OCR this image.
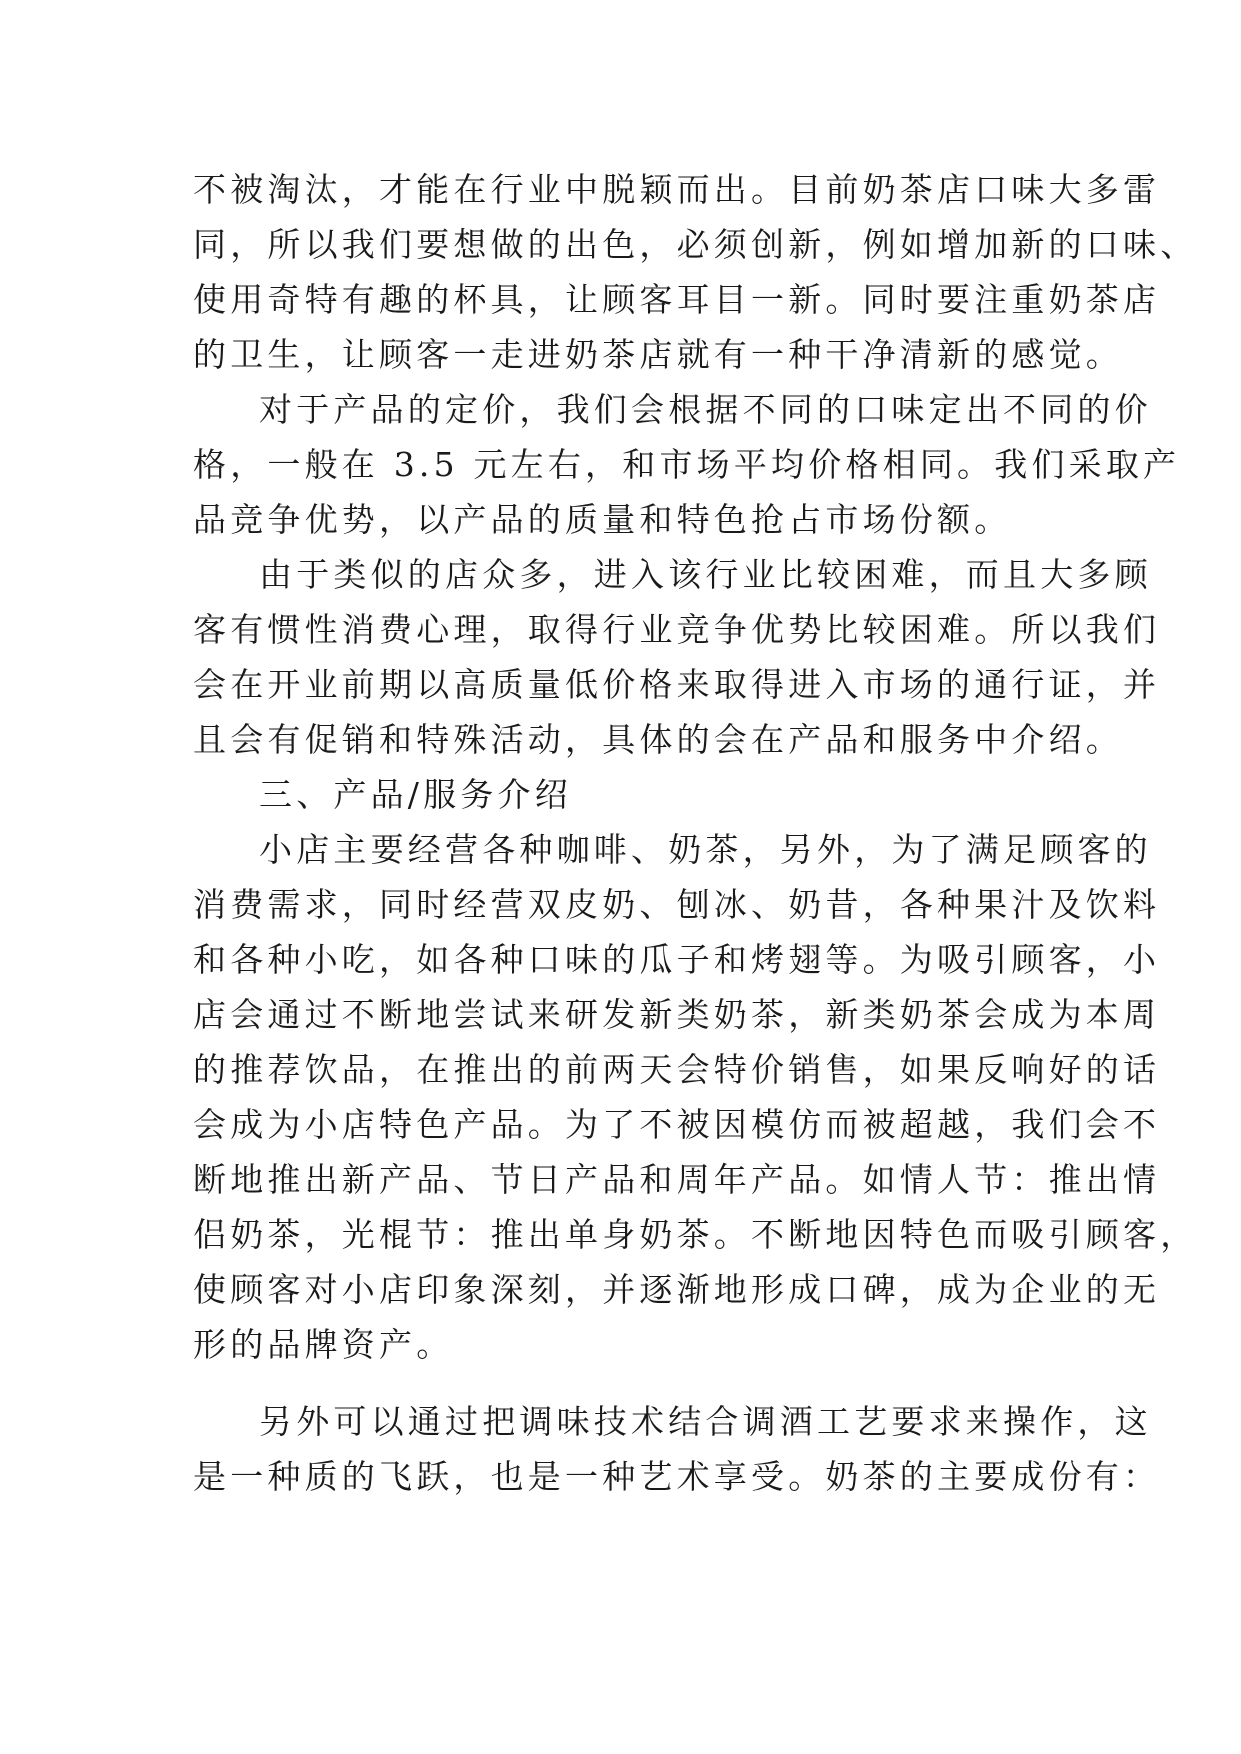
不被淘汰，才能在行业中脱颖而出。目前奶茶店口味大多雷
同，所以我们要想做的出色，必须创新，例如增加新的口味、
使用奇特有趣的杯具，让顾客耳目一新。同时要注重奶茶店
的卫生，让顾客一走进奶茶店就有一种干净清新的感觉。
对于产品的定价，我们会根据不同的口味定出不同的价
格，一般在 3.5 元左右，和市场平均价格相同。我们采取产
品竞争优势，以产品的质量和特色抢占市场份额。
由于类似的店众多，进入该行业比较困难，而且大多顾
客有惯性消费心理，取得行业竞争优势比较困难。所以我们
会在开业前期以高质量低价格来取得进入市场的通行证，并
且会有促销和特殊活动，具体的会在产品和服务中介绍。
三、产品/服务介绍
小店主要经营各种咖啡、奶茶，另外，为了满足顾客的
消费需求，同时经营双皮奶、刨冰、奶昔，各种果汁及饮料
和各种小吃，如各种口味的瓜子和烤翅等。为吸引顾客，小
店会通过不断地尝试来研发新类奶茶，新类奶茶会成为本周
的推荐饮品，在推出的前两天会特价销售，如果反响好的话
会成为小店特色产品。为了不被因模仿而被超越，我们会不
断地推出新产品、节日产品和周年产品。如情人节：推出情
侣奶茶，光棍节：推出单身奶茶。不断地因特色而吸引顾客，
使顾客对小店印象深刻，并逐渐地形成口碑，成为企业的无
形的品牌资产。
另外可以通过把调味技术结合调酒工艺要求来操作，这
是一种质的飞跃，也是一种艺术享受。奶茶的主要成份有：
